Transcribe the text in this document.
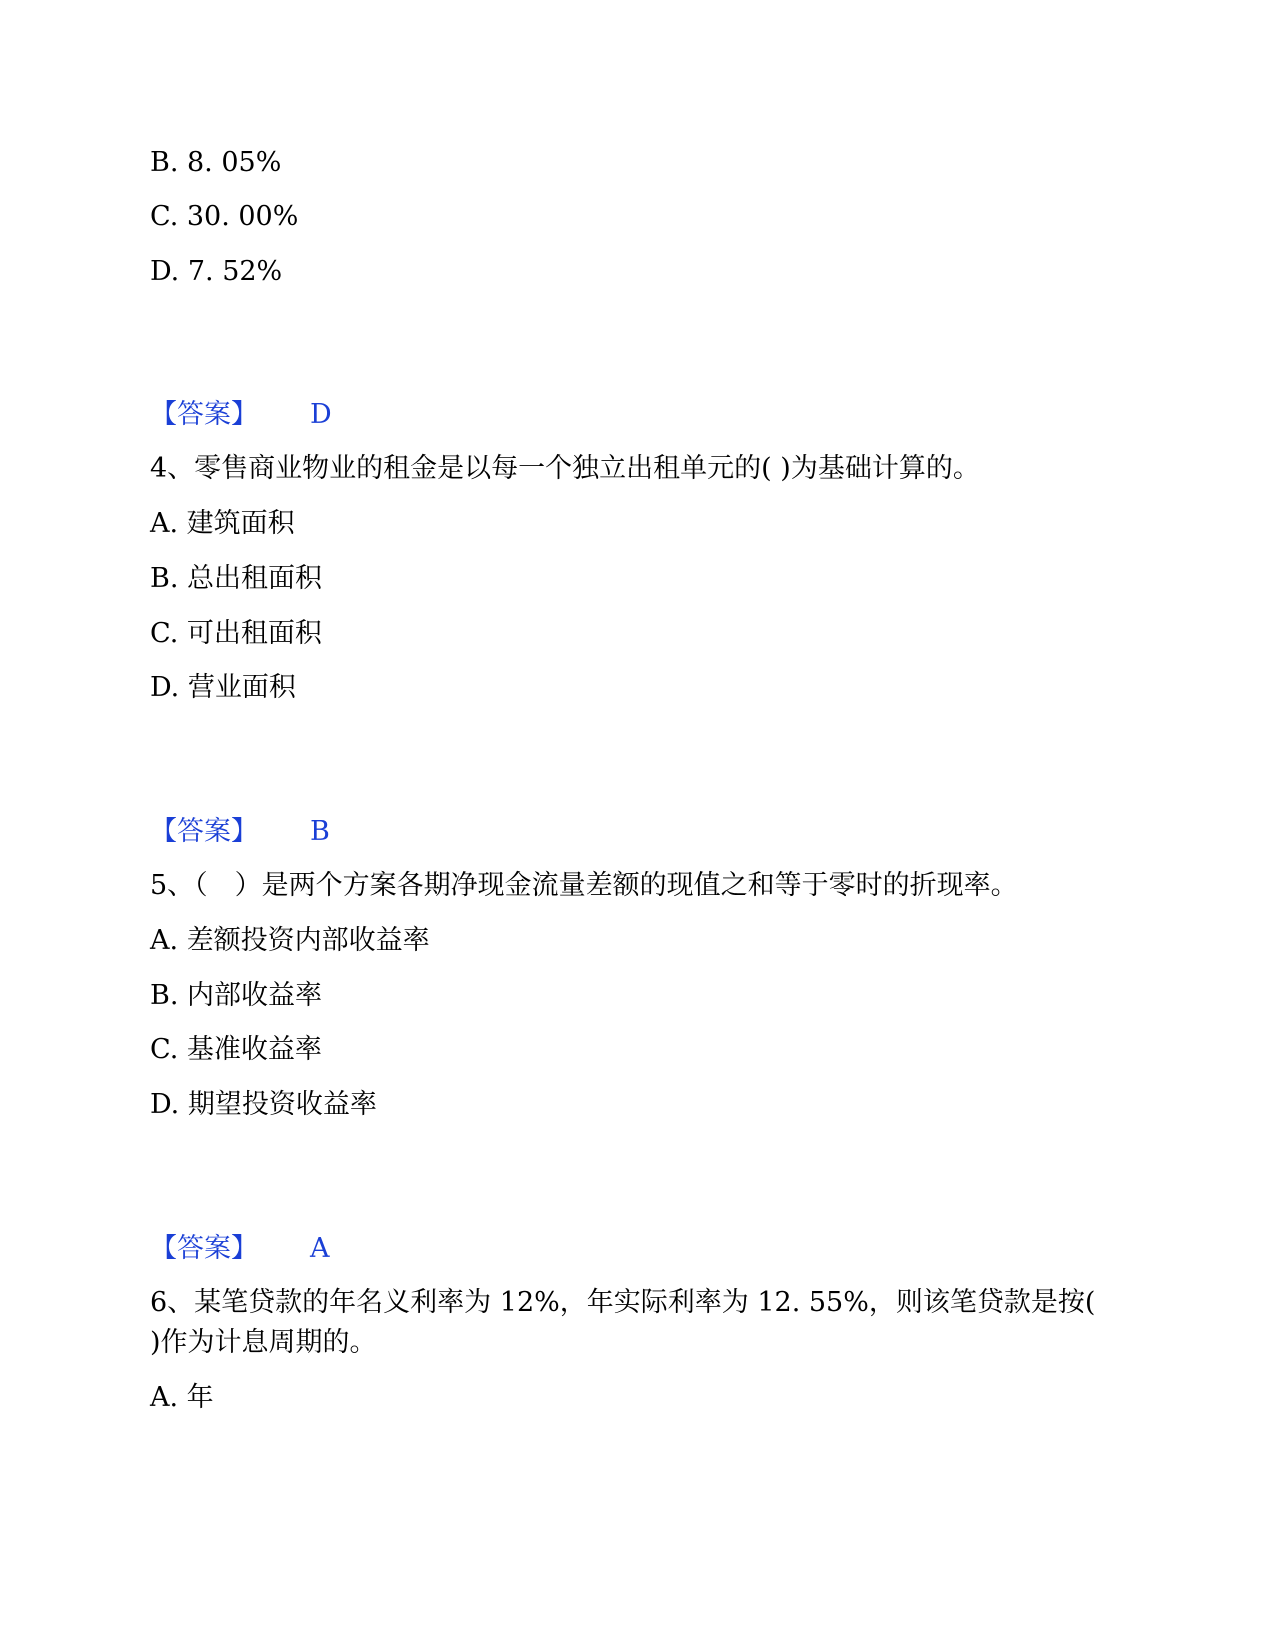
B. 8. 05%
C. 30. 00%
D. 7. 52%
【答案】 D
4、零售商业物业的租金是以每一个独立出租单元的( )为基础计算的。
A. 建筑面积
B. 总出租面积
C. 可出租面积
D. 营业面积
【答案】 B
5、（　）是两个方案各期净现金流量差额的现值之和等于零时的折现率。
A. 差额投资内部收益率
B. 内部收益率
C. 基准收益率
D. 期望投资收益率
【答案】 A
6、某笔贷款的年名义利率为 12%，年实际利率为 12. 55%，则该笔贷款是按(
)作为计息周期的。
A. 年
